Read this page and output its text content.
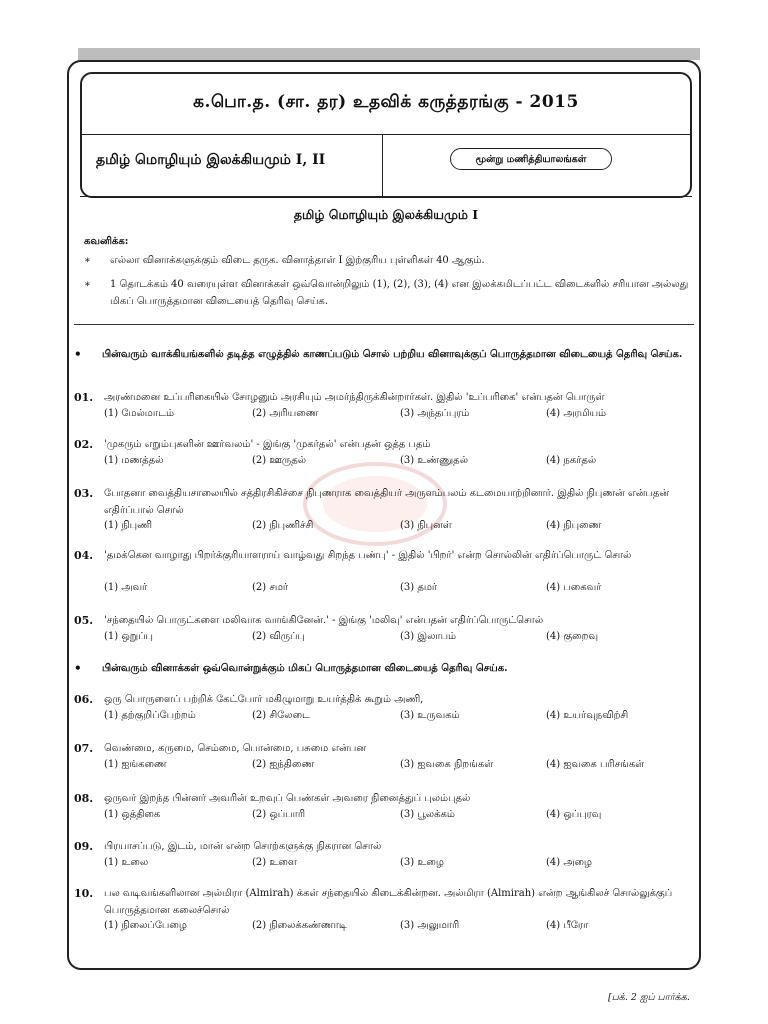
க.பொ.த. (சா. தர) உதவிக் கருத்தரங்கு - 2015
தமிழ் மொழியும் இலக்கியமும் I, II	மூன்று மணித்தியாலங்கள்
தமிழ் மொழியும் இலக்கியமும் I
கவனிக்க:
∗ எல்லா வினாக்களுக்கும் விடை தருக. வினாத்தாள் I இற்குரிய புள்ளிகள் 40 ஆகும்.
∗ 1 தொடக்கம் 40 வரையுள்ள வினாக்கள் ஒவ்வொன்றிலும் (1), (2), (3), (4) என இலக்கமிடப்பட்ட விடைகளில் சரியான அல்லது மிகப் பொருத்தமான விடையைத் தெரிவு செய்க.
• பின்வரும் வாக்கியங்களில் தடித்த எழுத்தில் காணப்படும் சொல் பற்றிய வினாவுக்குப் பொருத்தமான விடையைத் தெரிவு செய்க.
01. அரண்மனை உப்பரிகையில் சோழனும் அரசியும் அமர்ந்திருக்கின்றார்கள். இதில் 'உப்பரிகை' என்பதன் பொருள்
(1) மேல்மாடம்	(2) அரியணை	(3) அந்தப்புரம்	(4) அரமியம்
02. 'முகரும் எறும்புகளின் ஊர்வலம்' - இங்கு 'முகர்தல்' என்பதன் ஒத்த பதம்
(1) மணத்தல்	(2) ஊருதல்	(3) உண்ணுதல்	(4) நகர்தல்
03. போதனா வைத்தியசாலையில் சத்திரசிகிச்சை நிபுணராக வைத்தியர் அருளம்பலம் கடமையாற்றினார். இதில் நிபுணன் என்பதன் எதிர்ப்பால் சொல்
(1) நிபுணி	(2) நிபுணிச்சி	(3) நிபுனள்	(4) நிபுணை
04. 'தமக்கென வாழாது பிறர்க்குரியாளராய் வாழ்வது சிறந்த பண்பு' - இதில் 'பிறர்' என்ற சொல்லின் எதிர்ப்பொருட் சொல்
(1) அவர்	(2) சமர்	(3) தமர்	(4) பகைவர்
05. 'சந்தையில் பொருட்களை மலிவாக வாங்கினேன்.' - இங்கு 'மலிவு' என்பதன் எதிர்ப்பொருட்சொல்
(1) ஒறுப்பு	(2) விருப்பு	(3) இலாபம்	(4) குறைவு
• பின்வரும் வினாக்கள் ஒவ்வொன்றுக்கும் மிகப் பொருத்தமான விடையைத் தெரிவு செய்க.
06. ஒரு பொருளைப் பற்றிக் கேட்போர் மகிழுமாறு உயர்த்திக் கூறும் அணி,
(1) தற்குறிப்பேற்றம்	(2) சிலேடை	(3) உருவகம்	(4) உயர்வுநவிற்சி
07. வெண்மை, கருமை, செம்மை, பொன்மை, பசுமை என்பன
(1) ஐங்கணை	(2) ஐந்திணை	(3) ஐவகை நிறங்கள்	(4) ஐவகை பரிசங்கள்
08. ஒருவர் இறந்த பின்னர் அவரின் உறவுப் பெண்கள் அவரை நினைத்துப் புலம்புதல்
(1) ஒத்திகை	(2) ஒப்பாரி	(3) பூலக்கம்	(4) ஒப்புரவு
09. பிரயாசப்படு, இடம், மான் என்ற சொற்களுக்கு நிகரான சொல்
(1) உலை	(2) உளை	(3) உழை	(4) அழை
10. பல வடிவங்களிலான அல்மிரா (Almirah) க்கள் சந்தையில் கிடைக்கின்றன. அல்மிரா (Almirah) என்ற ஆங்கிலச் சொல்லுக்குப் பொருத்தமான கலைச்சொல்
(1) நிலைப்பேழை	(2) நிலைக்கண்ணாடி	(3) அலுமாரி	(4) பீரோ
[பக். 2 ஐப் பார்க்க.
